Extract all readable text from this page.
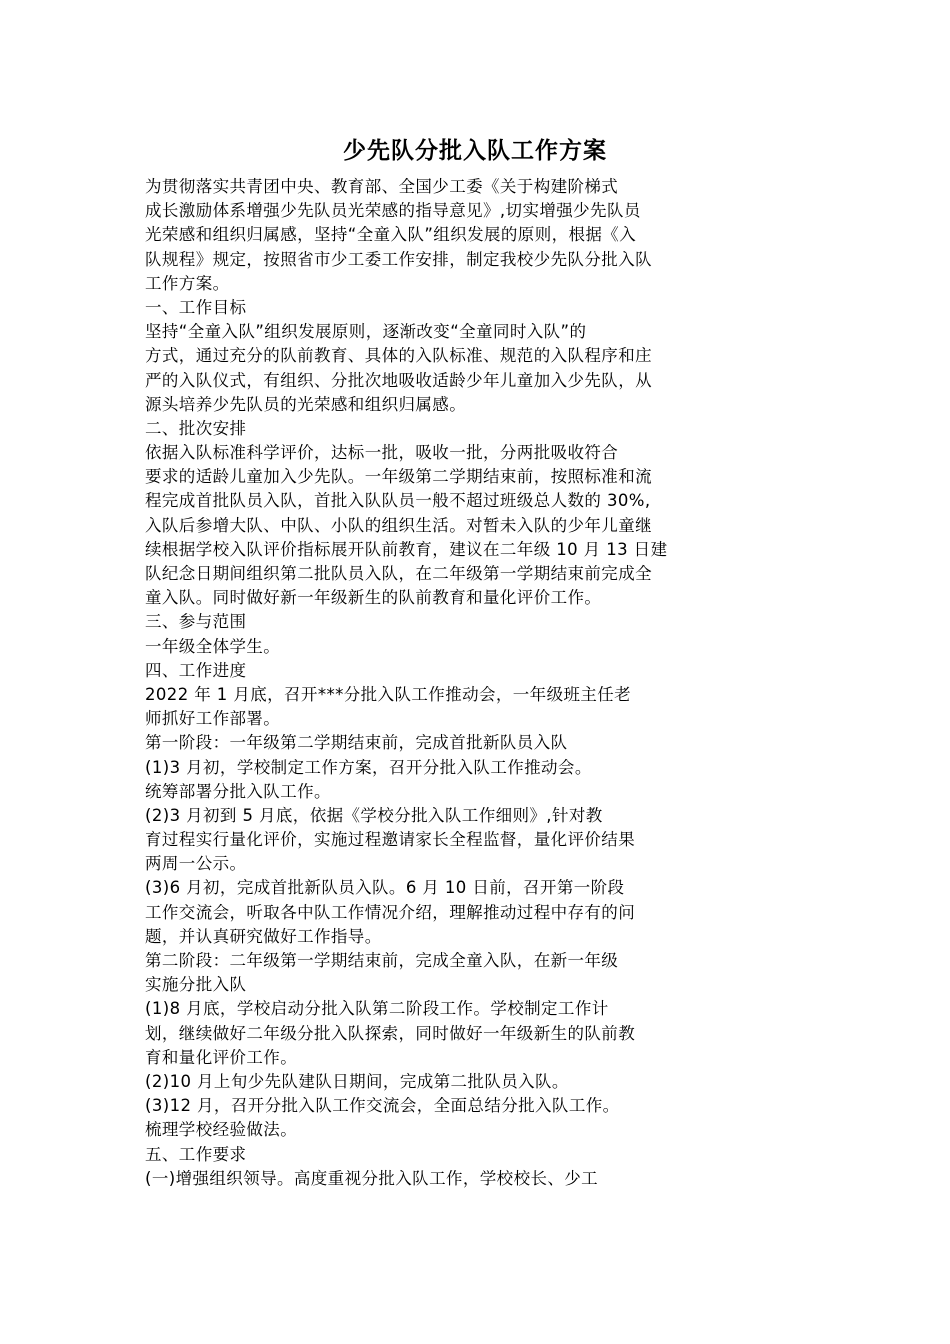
少先队分批入队工作方案
为贯彻落实共青团中央、教育部、全国少工委《关于构建阶梯式
成长激励体系增强少先队员光荣感的指导意见》,切实增强少先队员
光荣感和组织归属感，坚持“全童入队”组织发展的原则，根据《入
队规程》规定，按照省市少工委工作安排，制定我校少先队分批入队
工作方案。
一、工作目标
坚持“全童入队”组织发展原则，逐渐改变“全童同时入队”的
方式，通过充分的队前教育、具体的入队标准、规范的入队程序和庄
严的入队仪式，有组织、分批次地吸收适龄少年儿童加入少先队，从
源头培养少先队员的光荣感和组织归属感。
二、批次安排
依据入队标准科学评价，达标一批，吸收一批，分两批吸收符合
要求的适龄儿童加入少先队。一年级第二学期结束前，按照标准和流
程完成首批队员入队，首批入队队员一般不超过班级总人数的 30%,
入队后参增大队、中队、小队的组织生活。对暂未入队的少年儿童继
续根据学校入队评价指标展开队前教育，建议在二年级 10 月 13 日建
队纪念日期间组织第二批队员入队，在二年级第一学期结束前完成全
童入队。同时做好新一年级新生的队前教育和量化评价工作。
三、参与范围
一年级全体学生。
四、工作进度
2022 年 1 月底，召开***分批入队工作推动会，一年级班主任老
师抓好工作部署。
第一阶段：一年级第二学期结束前，完成首批新队员入队
(1)3 月初，学校制定工作方案，召开分批入队工作推动会。
统筹部署分批入队工作。
(2)3 月初到 5 月底，依据《学校分批入队工作细则》,针对教
育过程实行量化评价，实施过程邀请家长全程监督，量化评价结果
两周一公示。
(3)6 月初，完成首批新队员入队。6 月 10 日前，召开第一阶段
工作交流会，听取各中队工作情况介绍，理解推动过程中存有的问
题，并认真研究做好工作指导。
第二阶段：二年级第一学期结束前，完成全童入队，在新一年级
实施分批入队
(1)8 月底，学校启动分批入队第二阶段工作。学校制定工作计
划，继续做好二年级分批入队探索，同时做好一年级新生的队前教
育和量化评价工作。
(2)10 月上旬少先队建队日期间，完成第二批队员入队。
(3)12 月，召开分批入队工作交流会，全面总结分批入队工作。
梳理学校经验做法。
五、工作要求
(一)增强组织领导。高度重视分批入队工作，学校校长、少工
